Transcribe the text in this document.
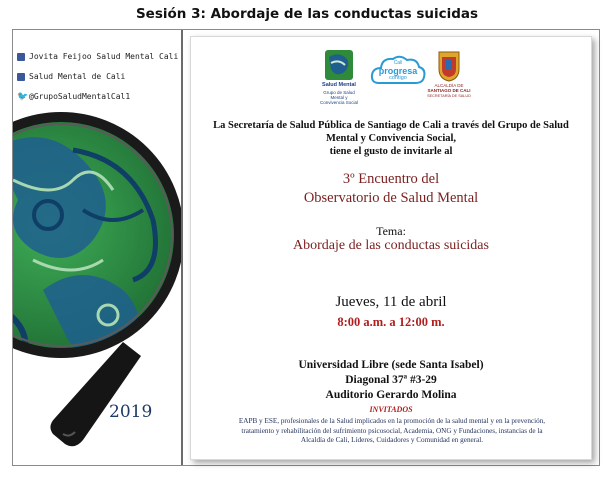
Sesión 3: Abordaje de las conductas suicidas
Jovita Feijoo Salud Mental Cali
Salud Mental de Cali
🐦 @GrupoSaludMentalCal1
2019
Salud Mental
Grupo de Salud Mental y Convivencia Social
Cali
progresa
contigo
ALCALDÍA DE
SANTIAGO DE CALI
SECRETARÍA DE SALUD
La Secretaría de Salud Pública de Santiago de Cali a través del Grupo de Salud
Mental y Convivencia Social,
tiene el gusto de invitarle al
3º Encuentro del
Observatorio de Salud Mental
Tema:
Abordaje de las conductas suicidas
Jueves, 11 de abril
8:00 a.m. a 12:00 m.
Universidad Libre (sede Santa Isabel)
Diagonal 37ª #3-29
Auditorio Gerardo Molina
INVITADOS
EAPB y ESE, profesionales de la Salud implicados en la promoción de la salud mental y en la prevención,
tratamiento y rehabilitación del sufrimiento psicosocial, Academia, ONG y Fundaciones, instancias de la
Alcaldía de Cali, Líderes, Cuidadores y Comunidad en general.
